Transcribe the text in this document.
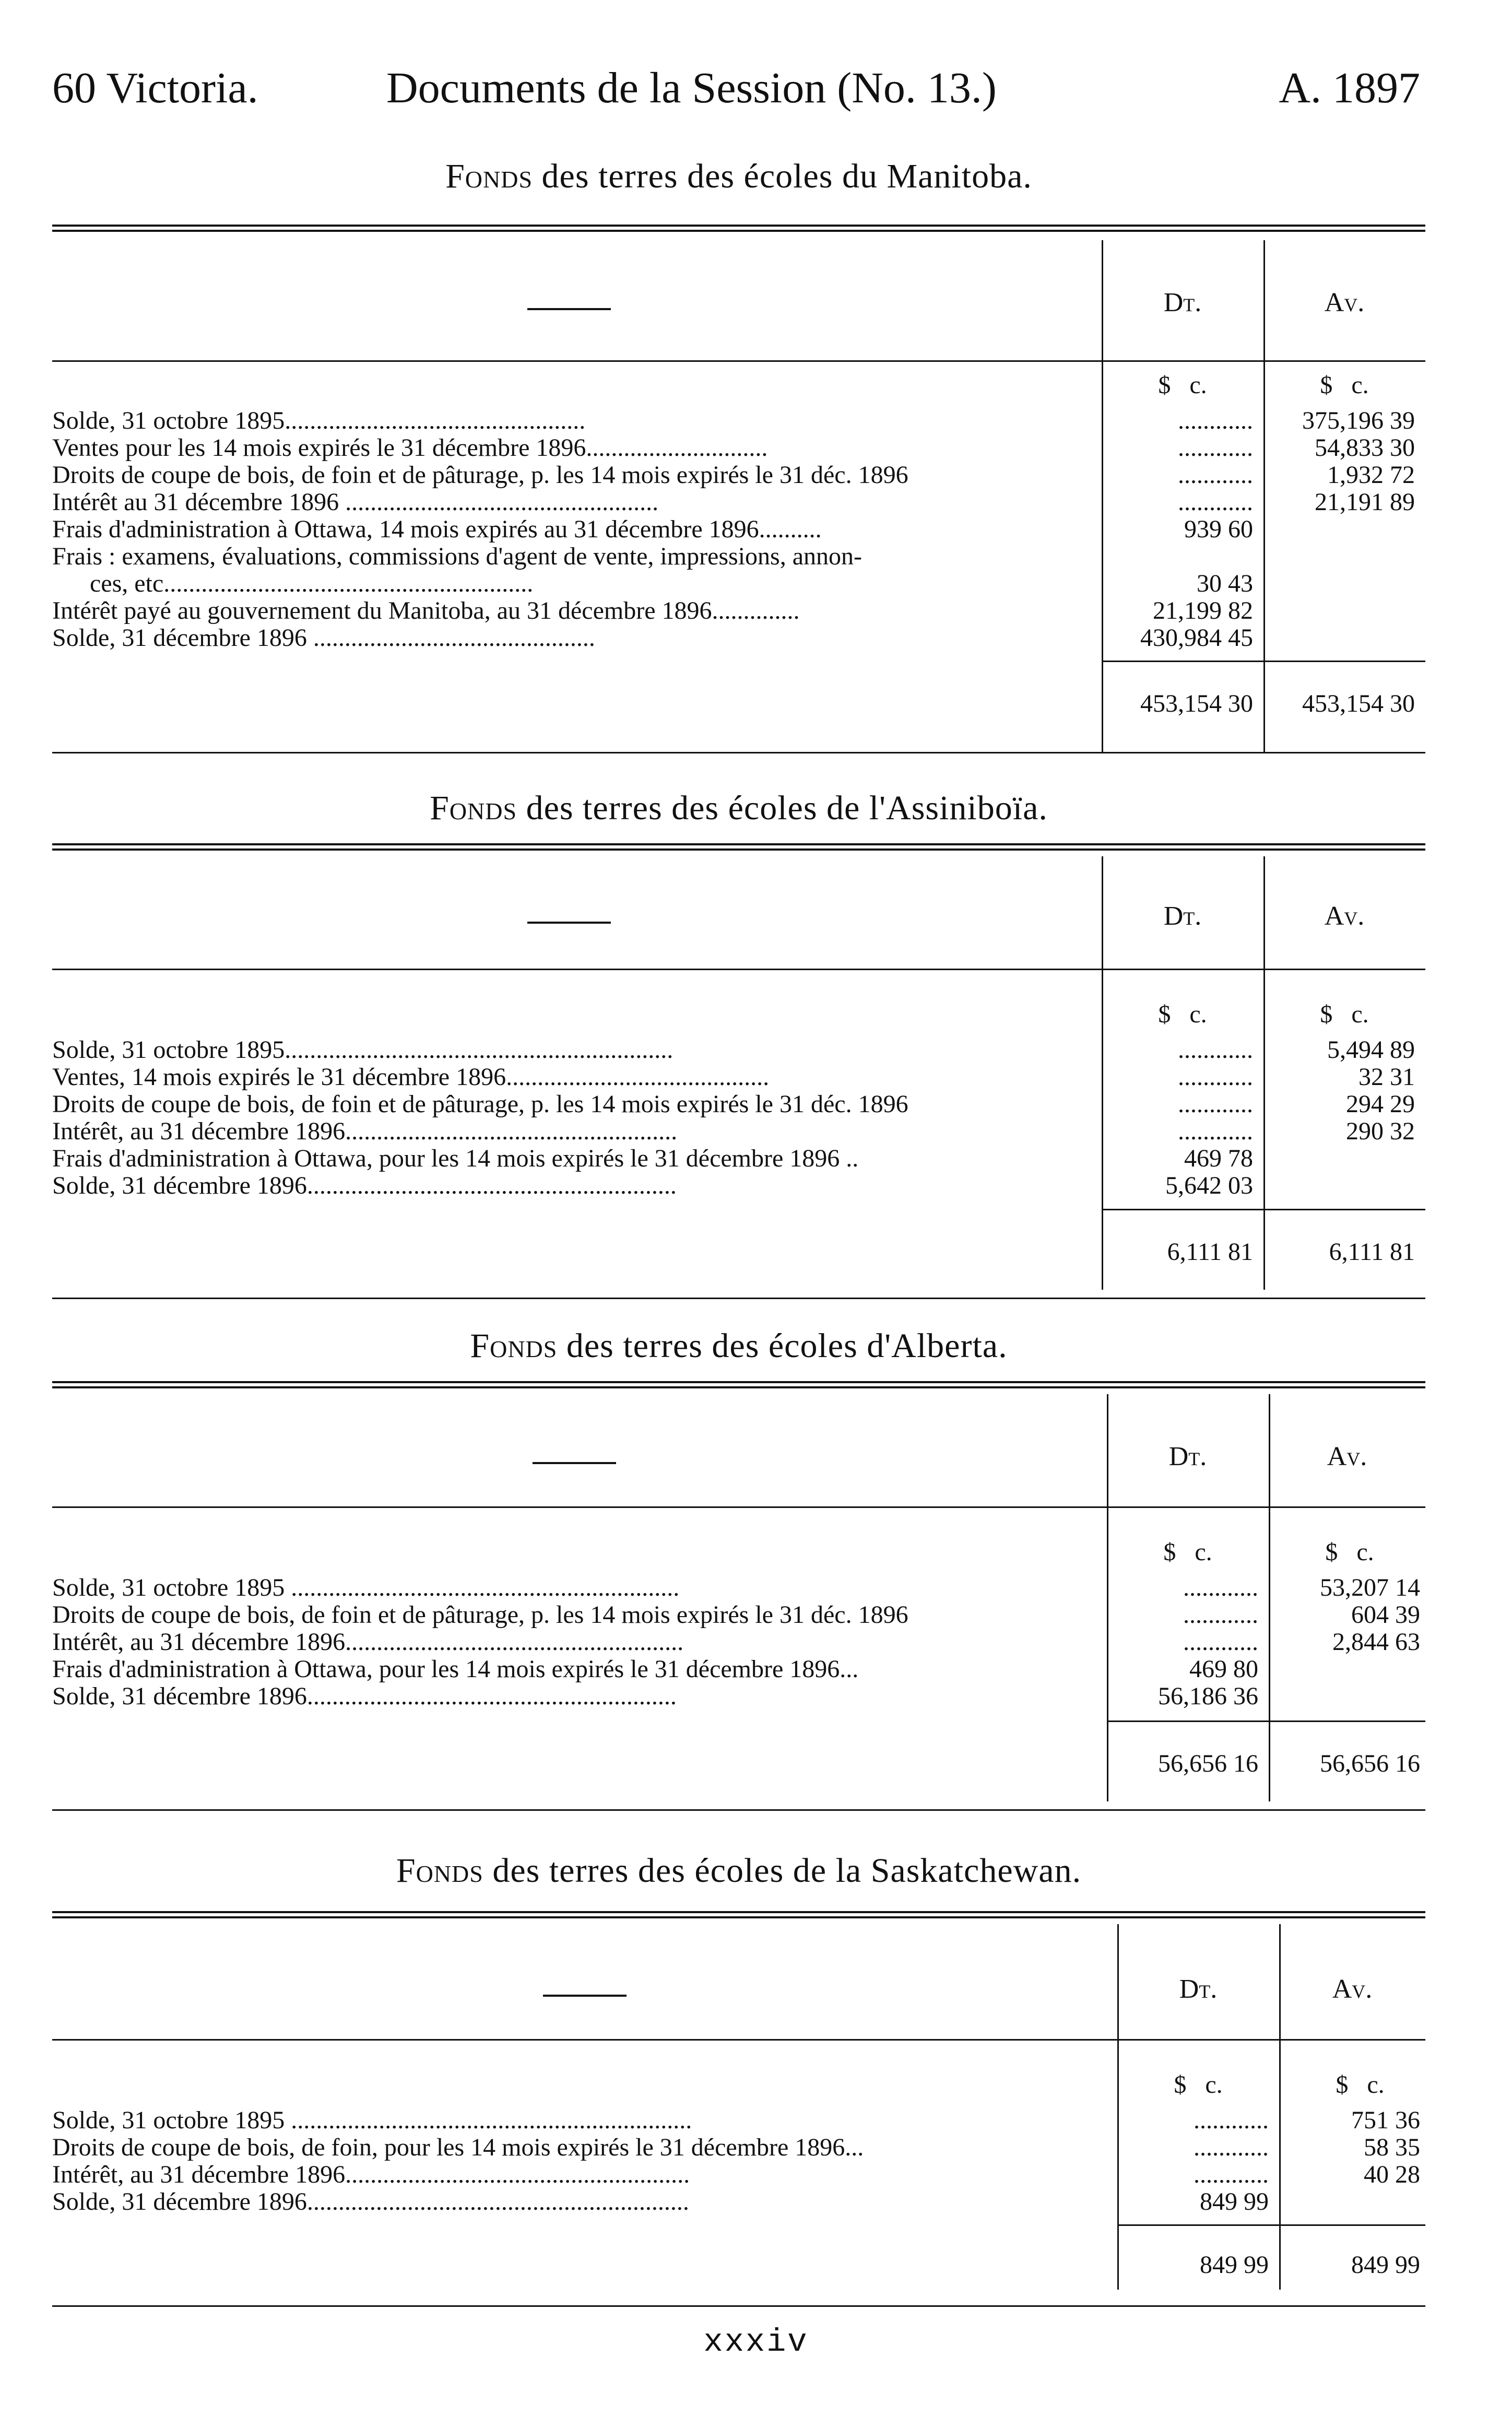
60 Victoria.	Documents de la Session (No. 13.)	A. 1897
Fonds des terres des écoles du Manitoba.
Dt.	Av.
$ c.	$ c.
Solde, 31 octobre 1895................................................	............	375,196 39
Ventes pour les 14 mois expirés le 31 décembre 1896.............................	............	54,833 30
Droits de coupe de bois, de foin et de pâturage, p. les 14 mois expirés le 31 déc. 1896	............	1,932 72
Intérêt au 31 décembre 1896 ..................................................	............	21,191 89
Frais d'administration à Ottawa, 14 mois expirés au 31 décembre 1896..........	939 60
Frais : examens, évaluations, commissions d'agent de vente, impressions, annon-
ces, etc...........................................................	30 43
Intérêt payé au gouvernement du Manitoba, au 31 décembre 1896..............	21,199 82
Solde, 31 décembre 1896 .............................................	430,984 45
453,154 30	453,154 30
Fonds des terres des écoles de l'Assiniboïa.
Dt.	Av.
$ c.	$ c.
Solde, 31 octobre 1895..............................................................	............	5,494 89
Ventes, 14 mois expirés le 31 décembre 1896..........................................	............	32 31
Droits de coupe de bois, de foin et de pâturage, p. les 14 mois expirés le 31 déc. 1896	............	294 29
Intérêt, au 31 décembre 1896.....................................................	............	290 32
Frais d'administration à Ottawa, pour les 14 mois expirés le 31 décembre 1896 ..	469 78
Solde, 31 décembre 1896...........................................................	5,642 03
6,111 81	6,111 81
Fonds des terres des écoles d'Alberta.
Dt.	Av.
$ c.	$ c.
Solde, 31 octobre 1895 ..............................................................	............	53,207 14
Droits de coupe de bois, de foin et de pâturage, p. les 14 mois expirés le 31 déc. 1896	............	604 39
Intérêt, au 31 décembre 1896......................................................	............	2,844 63
Frais d'administration à Ottawa, pour les 14 mois expirés le 31 décembre 1896...	469 80
Solde, 31 décembre 1896...........................................................	56,186 36
56,656 16	56,656 16
Fonds des terres des écoles de la Saskatchewan.
Dt.	Av.
$ c.	$ c.
Solde, 31 octobre 1895 ................................................................	............	751 36
Droits de coupe de bois, de foin, pour les 14 mois expirés le 31 décembre 1896...	............	58 35
Intérêt, au 31 décembre 1896.......................................................	............	40 28
Solde, 31 décembre 1896.............................................................	849 99
849 99	849 99
xxxiv
